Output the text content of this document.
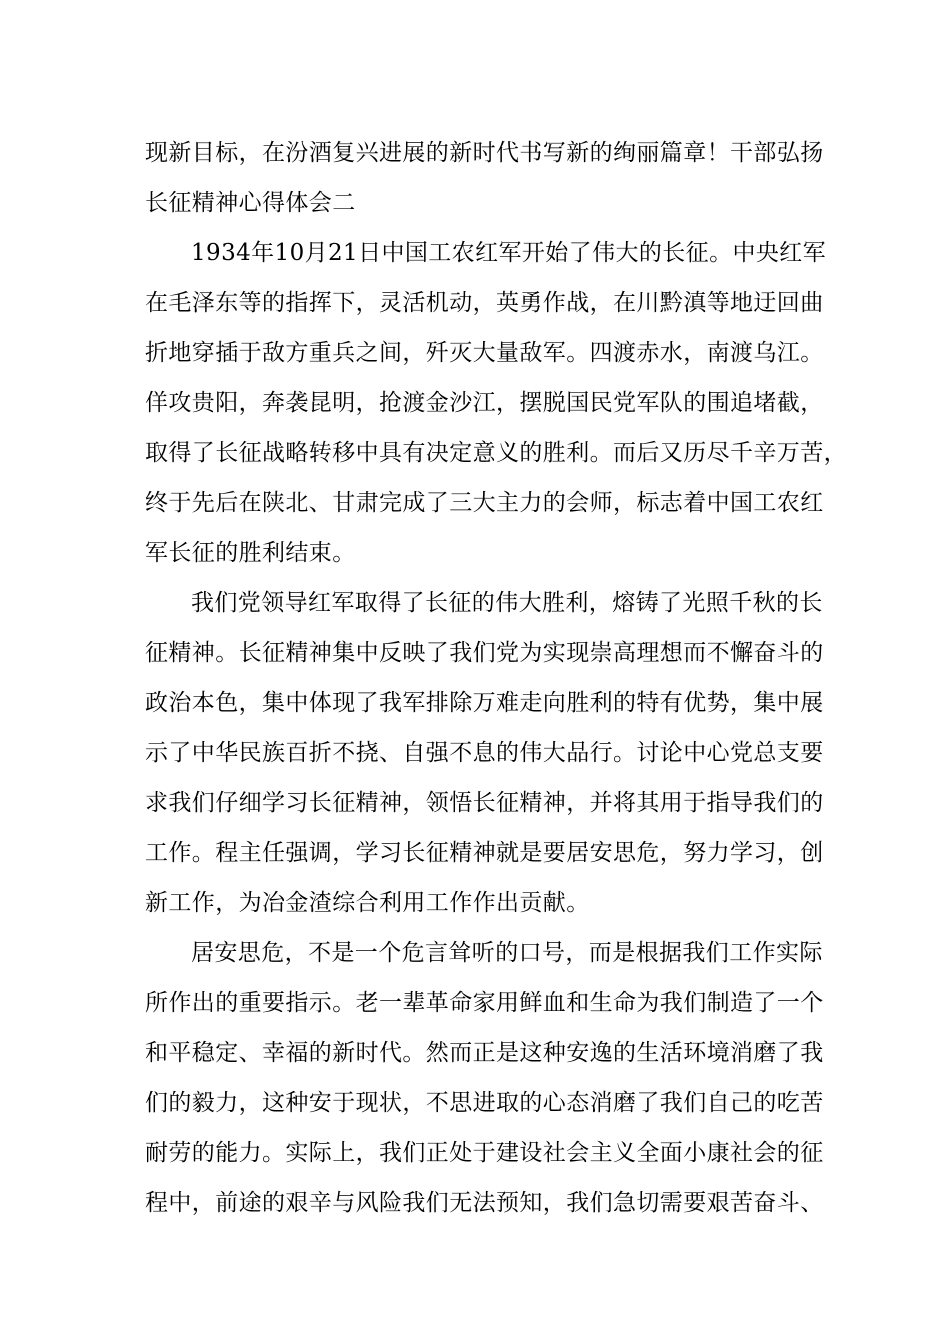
现新目标，在汾酒复兴进展的新时代书写新的绚丽篇章！干部弘扬
长征精神心得体会二
1934年10月21日中国工农红军开始了伟大的长征。中央红军
在毛泽东等的指挥下，灵活机动，英勇作战，在川黔滇等地迂回曲
折地穿插于敌方重兵之间，歼灭大量敌军。四渡赤水，南渡乌江。
佯攻贵阳，奔袭昆明，抢渡金沙江，摆脱国民党军队的围追堵截，
取得了长征战略转移中具有决定意义的胜利。而后又历尽千辛万苦，
终于先后在陕北、甘肃完成了三大主力的会师，标志着中国工农红
军长征的胜利结束。
我们党领导红军取得了长征的伟大胜利，熔铸了光照千秋的长
征精神。长征精神集中反映了我们党为实现崇高理想而不懈奋斗的
政治本色，集中体现了我军排除万难走向胜利的特有优势，集中展
示了中华民族百折不挠、自强不息的伟大品行。讨论中心党总支要
求我们仔细学习长征精神，领悟长征精神，并将其用于指导我们的
工作。程主任强调，学习长征精神就是要居安思危，努力学习，创
新工作，为冶金渣综合利用工作作出贡献。
居安思危，不是一个危言耸听的口号，而是根据我们工作实际
所作出的重要指示。老一辈革命家用鲜血和生命为我们制造了一个
和平稳定、幸福的新时代。然而正是这种安逸的生活环境消磨了我
们的毅力，这种安于现状，不思进取的心态消磨了我们自己的吃苦
耐劳的能力。实际上，我们正处于建设社会主义全面小康社会的征
程中，前途的艰辛与风险我们无法预知，我们急切需要艰苦奋斗、
